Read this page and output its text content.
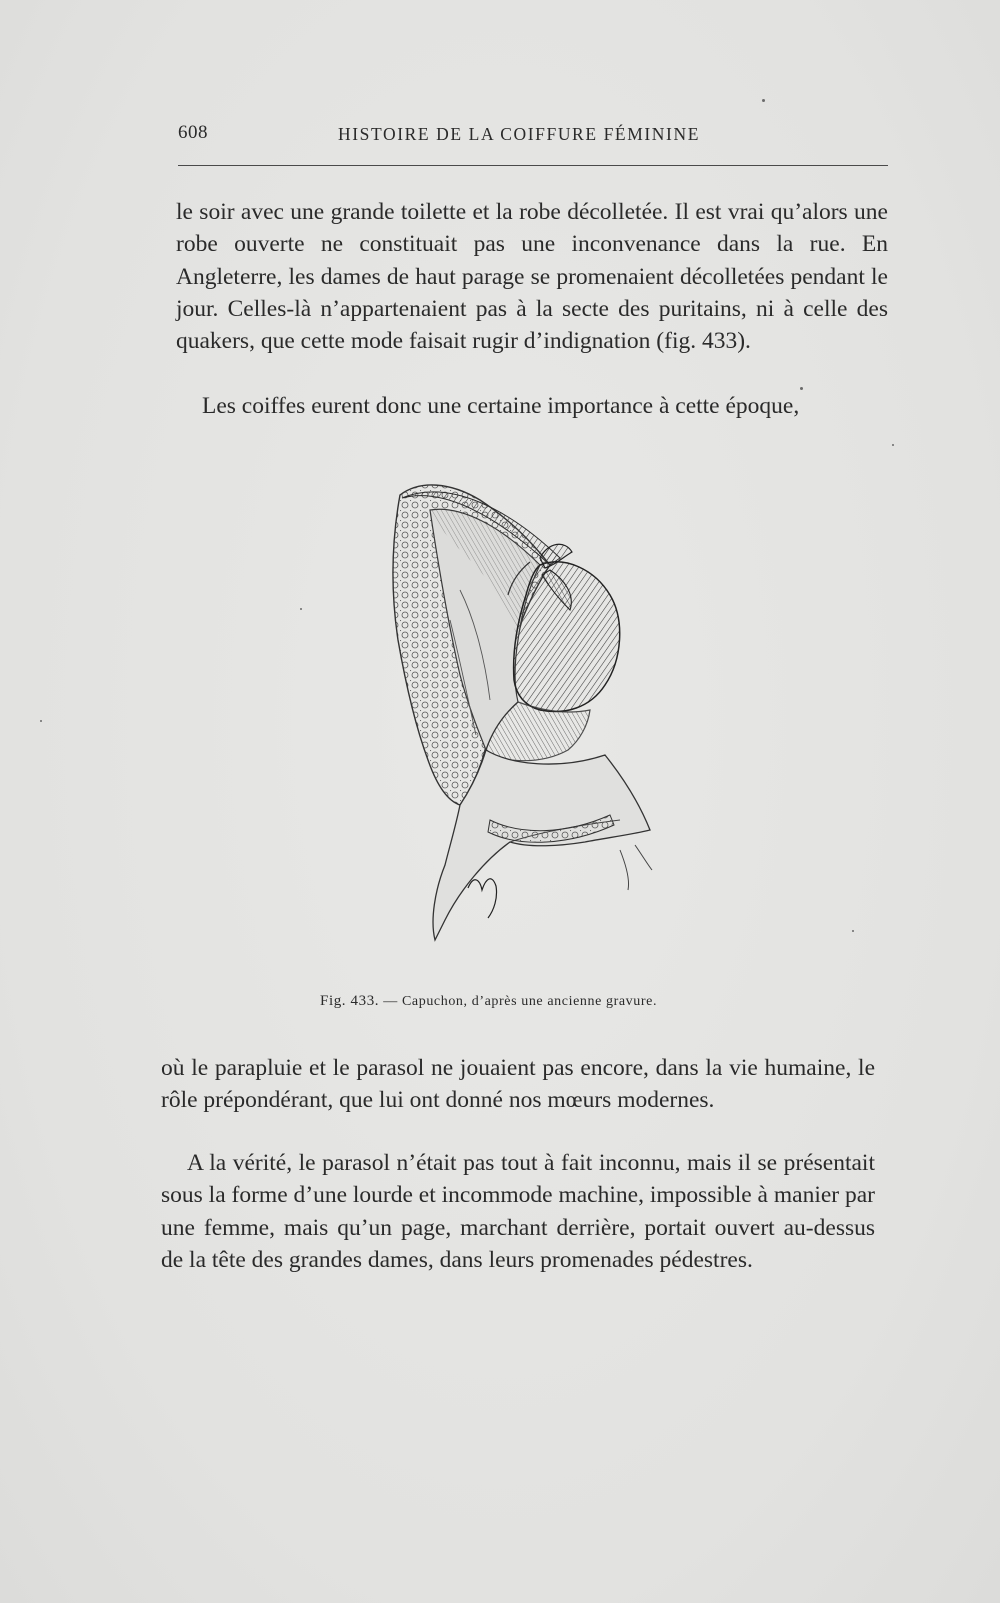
608	HISTOIRE DE LA COIFFURE FÉMININE

le soir avec une grande toilette et la robe décolletée. Il est vrai qu’alors une robe ouverte ne constituait pas une inconvenance dans la rue. En Angleterre, les dames de haut parage se promenaient décolletées pendant le jour. Celles-là n’appartenaient pas à la secte des puritains, ni à celle des quakers, que cette mode faisait rugir d’indignation (fig. 433).

Les coiffes eurent donc une certaine importance à cette époque,

Fig. 433. — Capuchon, d’après une ancienne gravure.

où le parapluie et le parasol ne jouaient pas encore, dans la vie humaine, le rôle prépondérant, que lui ont donné nos mœurs modernes.

A la vérité, le parasol n’était pas tout à fait inconnu, mais il se présentait sous la forme d’une lourde et incommode machine, impossible à manier par une femme, mais qu’un page, marchant derrière, portait ouvert au-dessus de la tête des grandes dames, dans leurs promenades pédestres.
